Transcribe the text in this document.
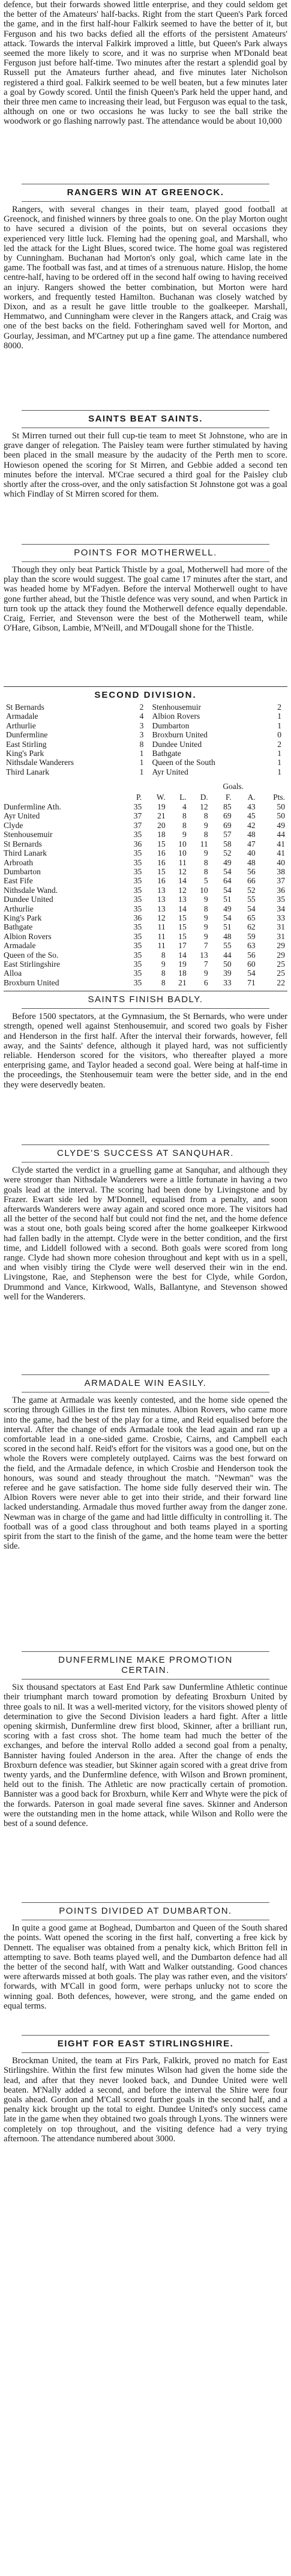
defence, but their forwards showed little enterprise, and they could seldom get the better of the Amateurs' half-backs. Right from the start Queen's Park forced the game, and in the first half-hour Falkirk seemed to have the better of it, but Ferguson and his two backs defied all the efforts of the persistent Amateurs' attack. Towards the interval Falkirk improved a little, but Queen's Park always seemed the more likely to score, and it was no surprise when M'Donald beat Ferguson just before half-time. Two minutes after the restart a splendid goal by Russell put the Amateurs further ahead, and five minutes later Nicholson registered a third goal. Falkirk seemed to be well beaten, but a few minutes later a goal by Gowdy scored. Until the finish Queen's Park held the upper hand, and their three men came to increasing their lead, but Ferguson was equal to the task, although on one or two occasions he was lucky to see the ball strike the woodwork or go flashing narrowly past. The attendance would be about 10,000

RANGERS WIN AT GREENOCK.

Rangers, with several changes in their team, played good football at Greenock, and finished winners by three goals to one. On the play Morton ought to have secured a division of the points, but on several occasions they experienced very little luck. Fleming had the opening goal, and Marshall, who led the attack for the Light Blues, scored twice. The home goal was registered by Cunningham. Buchanan had Morton's only goal, which came late in the game. The football was fast, and at times of a strenuous nature. Hislop, the home centre-half, having to be ordered off in the second half owing to having received an injury. Rangers showed the better combination, but Morton were hard workers, and frequently tested Hamilton. Buchanan was closely watched by Dixon, and as a result he gave little trouble to the goalkeeper. Marshall, Hemmatwo, and Cunningham were clever in the Rangers attack, and Craig was one of the best backs on the field. Fotheringham saved well for Morton, and Gourlay, Jessiman, and M'Cartney put up a fine game. The attendance numbered 8000.

SAINTS BEAT SAINTS.

St Mirren turned out their full cup-tie team to meet St Johnstone, who are in grave danger of relegation. The Paisley team were further stimulated by having been placed in the small measure by the audacity of the Perth men to score. Howieson opened the scoring for St Mirren, and Gebbie added a second ten minutes before the interval. M'Crae secured a third goal for the Paisley club shortly after the cross-over, and the only satisfaction St Johnstone got was a goal which Findlay of St Mirren scored for them.

POINTS FOR MOTHERWELL.

Though they only beat Partick Thistle by a goal, Motherwell had more of the play than the score would suggest. The goal came 17 minutes after the start, and was headed home by M'Fadyen. Before the interval Motherwell ought to have gone further ahead, but the Thistle defence was very sound, and when Partick in turn took up the attack they found the Motherwell defence equally dependable. Craig, Ferrier, and Stevenson were the best of the Motherwell team, while O'Hare, Gibson, Lambie, M'Neill, and M'Dougall shone for the Thistle.

SECOND DIVISION.
St Bernards	2	Stenhousemuir	2
Armadale	4	Albion Rovers	1
Arthurlie	3	Dumbarton	1
Dunfermline	3	Broxburn United	0
East Stirling	8	Dundee United	2
King's Park	1	Bathgate	1
Nithsdale Wanderers	1	Queen of the South	1
Third Lanark	1	Ayr United	1
					Goals.		
	P.	W.	L.	D.	F.	A.	Pts.
Dunfermline Ath.	35	19	4	12	85	43	50
Ayr United	37	21	8	8	69	45	50
Clyde	37	20	8	9	69	42	49
Stenhousemuir	35	18	9	8	57	48	44
St Bernards	36	15	10	11	58	47	41
Third Lanark	35	16	10	9	52	40	41
Arbroath	35	16	11	8	49	48	40
Dumbarton	35	15	12	8	54	56	38
East Fife	35	16	14	5	64	66	37
Nithsdale Wand.	35	13	12	10	54	52	36
Dundee United	35	13	13	9	51	55	35
Arthurlie	35	13	14	8	49	54	34
King's Park	36	12	15	9	54	65	33
Bathgate	35	11	15	9	51	62	31
Albion Rovers	35	11	15	9	48	59	31
Armadale	35	11	17	7	55	63	29
Queen of the So.	35	8	14	13	44	56	29
East Stirlingshire	35	9	19	7	50	60	25
Alloa	35	8	18	9	39	54	25
Broxburn United	35	8	21	6	33	71	22
SAINTS FINISH BADLY.

Before 1500 spectators, at the Gymnasium, the St Bernards, who were under strength, opened well against Stenhousemuir, and scored two goals by Fisher and Henderson in the first half. After the interval their forwards, however, fell away, and the Saints' defence, although it played hard, was not sufficiently reliable. Henderson scored for the visitors, who thereafter played a more enterprising game, and Taylor headed a second goal. Were being at half-time in the proceedings, the Stenhousemuir team were the better side, and in the end they were deservedly beaten.

CLYDE'S SUCCESS AT SANQUHAR.

Clyde started the verdict in a gruelling game at Sanquhar, and although they were stronger than Nithsdale Wanderers were a little fortunate in having a two goals lead at the interval. The scoring had been done by Livingstone and by Frazer. Ewart side led by M'Donnell, equalised from a penalty, and soon afterwards Wanderers were away again and scored once more. The visitors had all the better of the second half but could not find the net, and the home defence was a stout one, both goals being scored after the home goalkeeper Kirkwood had fallen badly in the attempt. Clyde were in the better condition, and the first time, and Liddell followed with a second. Both goals were scored from long range. Clyde had shown more cohesion throughout and kept with us in a spell, and when visibly tiring the Clyde were well deserved their win in the end. Livingstone, Rae, and Stephenson were the best for Clyde, while Gordon, Drummond and Vance, Kirkwood, Walls, Ballantyne, and Stevenson showed well for the Wanderers.

ARMADALE WIN EASILY.

The game at Armadale was keenly contested, and the home side opened the scoring through Gillies in the first ten minutes. Albion Rovers, who came more into the game, had the best of the play for a time, and Reid equalised before the interval. After the change of ends Armadale took the lead again and ran up a comfortable lead in a one-sided game. Crosbie, Cairns, and Campbell each scored in the second half. Reid's effort for the visitors was a good one, but on the whole the Rovers were completely outplayed. Cairns was the best forward on the field, and the Armadale defence, in which Crosbie and Henderson took the honours, was sound and steady throughout the match. "Newman" was the referee and he gave satisfaction. The home side fully deserved their win. The Albion Rovers were never able to get into their stride, and their forward line lacked understanding. Armadale thus moved further away from the danger zone. Newman was in charge of the game and had little difficulty in controlling it. The football was of a good class throughout and both teams played in a sporting spirit from the start to the finish of the game, and the home team were the better side.

DUNFERMLINE MAKE PROMOTION
CERTAIN.

Six thousand spectators at East End Park saw Dunfermline Athletic continue their triumphant march toward promotion by defeating Broxburn United by three goals to nil. It was a well-merited victory, for the visitors showed plenty of determination to give the Second Division leaders a hard fight. After a little opening skirmish, Dunfermline drew first blood, Skinner, after a brilliant run, scoring with a fast cross shot. The home team had much the better of the exchanges, and before the interval Rollo added a second goal from a penalty, Bannister having fouled Anderson in the area. After the change of ends the Broxburn defence was steadier, but Skinner again scored with a great drive from twenty yards, and the Dunfermline defence, with Wilson and Brown prominent, held out to the finish. The Athletic are now practically certain of promotion. Bannister was a good back for Broxburn, while Kerr and Whyte were the pick of the forwards. Paterson in goal made several fine saves. Skinner and Anderson were the outstanding men in the home attack, while Wilson and Rollo were the best of a sound defence.

POINTS DIVIDED AT DUMBARTON.

In quite a good game at Boghead, Dumbarton and Queen of the South shared the points. Watt opened the scoring in the first half, converting a free kick by Dennett. The equaliser was obtained from a penalty kick, which Britton fell in attempting to save. Both teams played well, and the Dumbarton defence had all the better of the second half, with Watt and Walker outstanding. Good chances were afterwards missed at both goals. The play was rather even, and the visitors' forwards, with M'Call in good form, were perhaps unlucky not to score the winning goal. Both defences, however, were strong, and the game ended on equal terms.

EIGHT FOR EAST STIRLINGSHIRE.

Brockman United, the team at Firs Park, Falkirk, proved no match for East Stirlingshire. Within the first few minutes Wilson had given the home side the lead, and after that they never looked back, and Dundee United were well beaten. M'Nally added a second, and before the interval the Shire were four goals ahead. Gordon and M'Call scored further goals in the second half, and a penalty kick brought up the total to eight. Dundee United's only success came late in the game when they obtained two goals through Lyons. The winners were completely on top throughout, and the visiting defence had a very trying afternoon. The attendance numbered about 3000.
